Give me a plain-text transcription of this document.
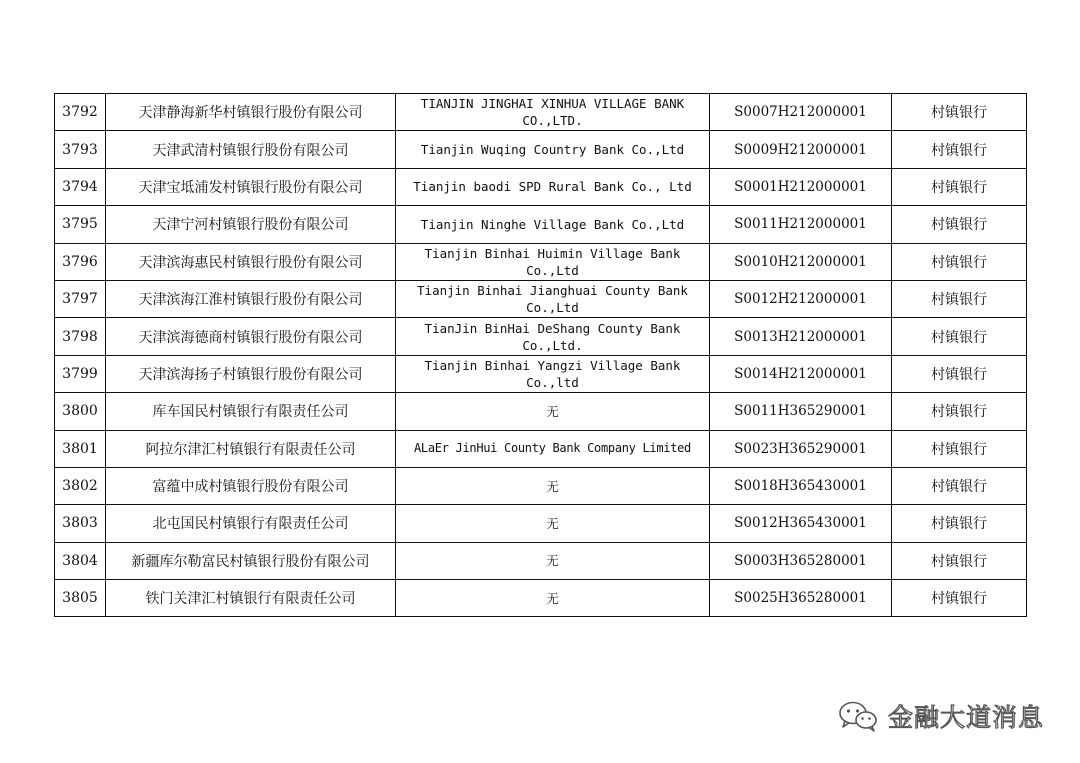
3792	天津静海新华村镇银行股份有限公司	TIANJIN JINGHAI XINHUA VILLAGE BANK CO.,LTD.	S0007H212000001	村镇银行
3793	天津武清村镇银行股份有限公司	Tianjin Wuqing Country Bank Co.,Ltd	S0009H212000001	村镇银行
3794	天津宝坻浦发村镇银行股份有限公司	Tianjin baodi SPD Rural Bank Co., Ltd	S0001H212000001	村镇银行
3795	天津宁河村镇银行股份有限公司	Tianjin Ninghe Village Bank Co.,Ltd	S0011H212000001	村镇银行
3796	天津滨海惠民村镇银行股份有限公司	Tianjin Binhai Huimin Village Bank Co.,Ltd	S0010H212000001	村镇银行
3797	天津滨海江淮村镇银行股份有限公司	Tianjin Binhai Jianghuai County Bank Co.,Ltd	S0012H212000001	村镇银行
3798	天津滨海德商村镇银行股份有限公司	TianJin BinHai DeShang County Bank Co.,Ltd.	S0013H212000001	村镇银行
3799	天津滨海扬子村镇银行股份有限公司	Tianjin Binhai Yangzi Village Bank Co.,ltd	S0014H212000001	村镇银行
3800	库车国民村镇银行有限责任公司	无	S0011H365290001	村镇银行
3801	阿拉尔津汇村镇银行有限责任公司	ALaEr JinHui County Bank Company Limited	S0023H365290001	村镇银行
3802	富蕴中成村镇银行股份有限公司	无	S0018H365430001	村镇银行
3803	北屯国民村镇银行有限责任公司	无	S0012H365430001	村镇银行
3804	新疆库尔勒富民村镇银行股份有限公司	无	S0003H365280001	村镇银行
3805	铁门关津汇村镇银行有限责任公司	无	S0025H365280001	村镇银行
金融大道消息
